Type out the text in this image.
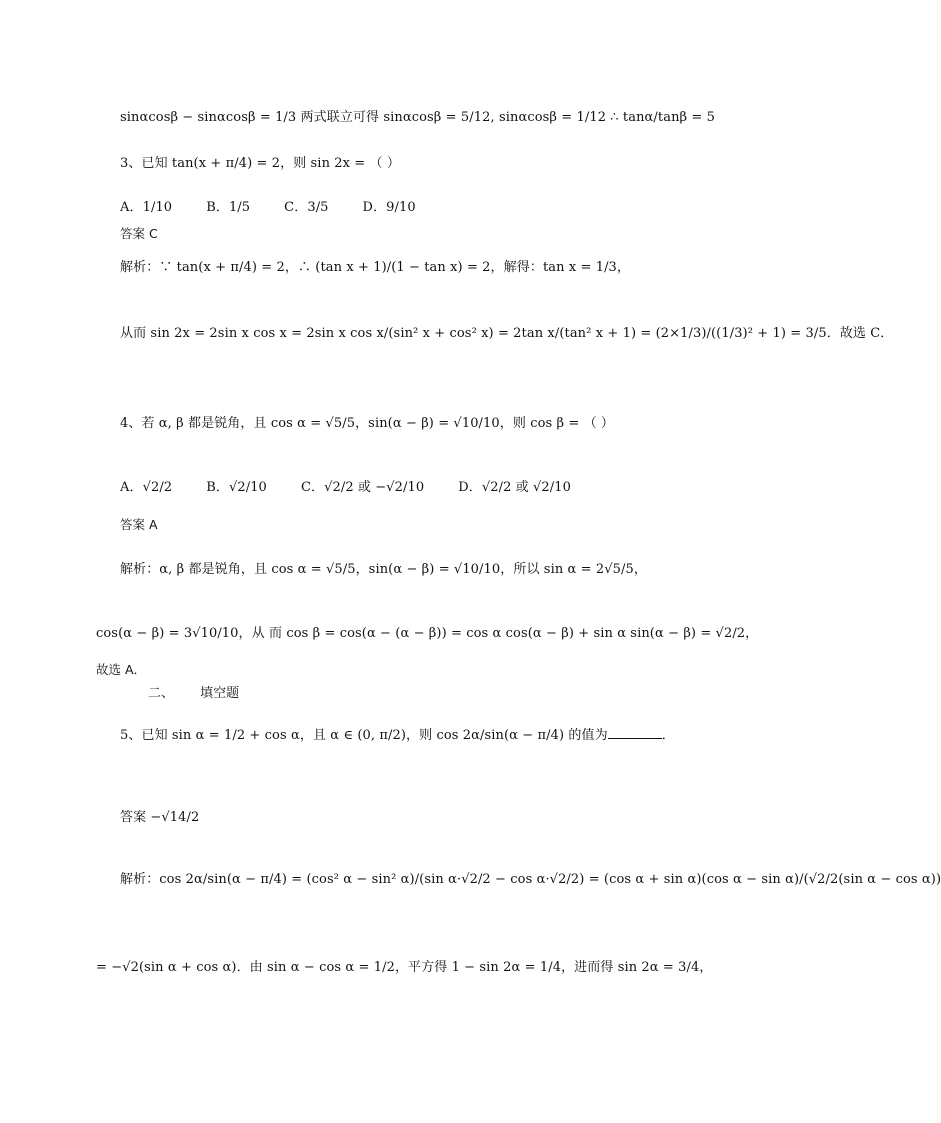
sinαcosβ − sinαcosβ = 1/3 两式联立可得 sinαcosβ = 5/12, sinαcosβ = 1/12 ∴ tanα/tanβ = 5
3、已知 tan(x + π/4) = 2，则 sin 2x = （ ）
A．1/10	B．1/5	C．3/5	D．9/10
答案 C
解析：∵ tan(x + π/4) = 2，∴ (tan x + 1)/(1 − tan x) = 2，解得：tan x = 1/3，
从而 sin 2x = 2sin x cos x = 2sin x cos x/(sin² x + cos² x) = 2tan x/(tan² x + 1) = (2×1/3)/((1/3)² + 1) = 3/5．故选 C．
4、若 α, β 都是锐角，且 cos α = √5/5，sin(α − β) = √10/10，则 cos β = （ ）
A．√2/2	B．√2/10	C．√2/2 或 −√2/10	D．√2/2 或 √2/10
答案 A
解析：α, β 都是锐角，且 cos α = √5/5，sin(α − β) = √10/10，所以 sin α = 2√5/5，
cos(α − β) = 3√10/10，从 而 cos β = cos(α − (α − β)) = cos α cos(α − β) + sin α sin(α − β) = √2/2，
故选 A．
二、 填空题
5、已知 sin α = 1/2 + cos α，且 α ∈ (0, π/2)，则 cos 2α/sin(α − π/4) 的值为	．
答案 −√14/2
解析：cos 2α/sin(α − π/4) = (cos² α − sin² α)/(sin α·√2/2 − cos α·√2/2) = (cos α + sin α)(cos α − sin α)/(√2/2(sin α − cos α))
= −√2(sin α + cos α)．由 sin α − cos α = 1/2，平方得 1 − sin 2α = 1/4，进而得 sin 2α = 3/4，
